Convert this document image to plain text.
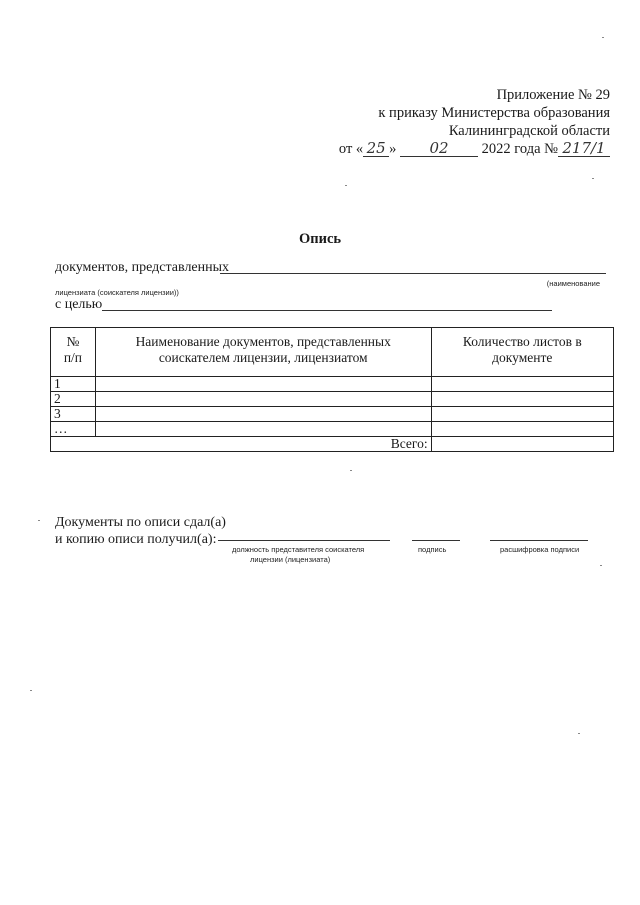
Приложение № 29
к приказу Министерства образования
Калининградской области
от « 25 » 02 2022 года № 217/1
Опись
документов, представленных
(наименование
лицензиата (соискателя лицензии))
с целью
№
п/п	Наименование документов, представленных соискателем лицензии, лицензиатом	Количество листов в документе
1		
2		
3		
…		
Всего:		
Документы по описи сдал(а)
и копию описи получил(а):
должность представителя соискателя
лицензии (лицензиата)
подпись	расшифровка подписи
